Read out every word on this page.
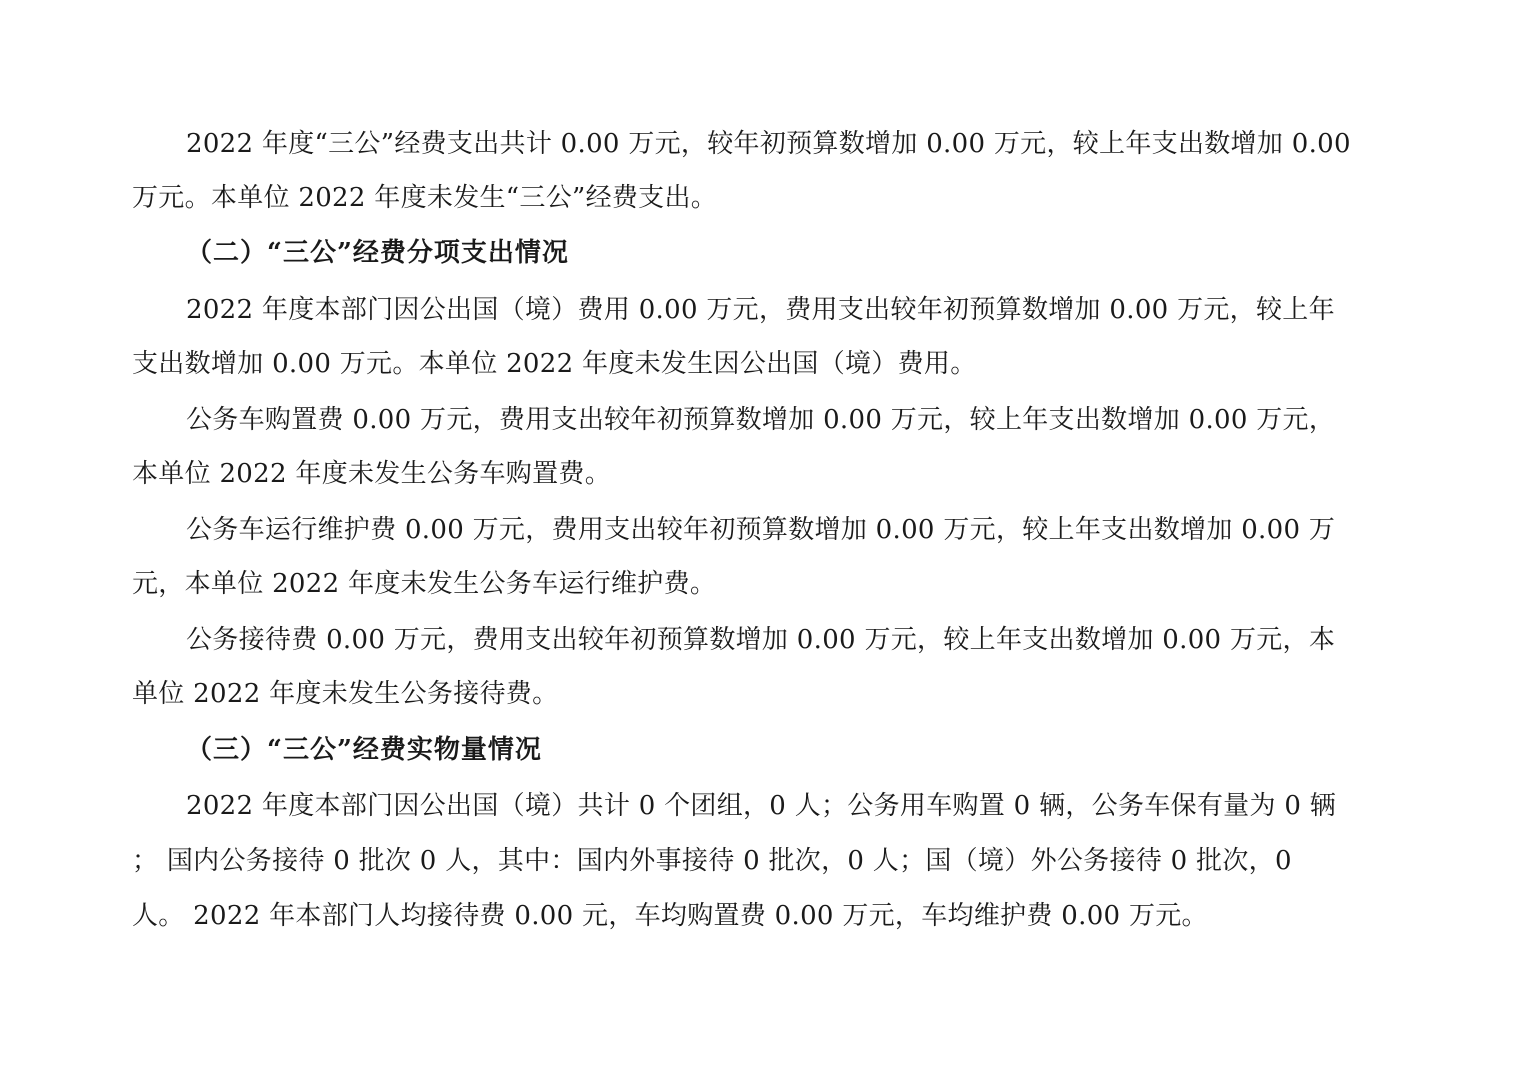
2022 年度“三公”经费支出共计 0.00 万元，较年初预算数增加 0.00 万元，较上年支出数增加 0.00
万元。本单位 2022 年度未发生“三公”经费支出。
（二）“三公”经费分项支出情况
2022 年度本部门因公出国（境）费用 0.00 万元，费用支出较年初预算数增加 0.00 万元，较上年
支出数增加 0.00 万元。本单位 2022 年度未发生因公出国（境）费用。
公务车购置费 0.00 万元，费用支出较年初预算数增加 0.00 万元，较上年支出数增加 0.00 万元，
本单位 2022 年度未发生公务车购置费。
公务车运行维护费 0.00 万元，费用支出较年初预算数增加 0.00 万元，较上年支出数增加 0.00 万
元，本单位 2022 年度未发生公务车运行维护费。
公务接待费 0.00 万元，费用支出较年初预算数增加 0.00 万元，较上年支出数增加 0.00 万元，本
单位 2022 年度未发生公务接待费。
（三）“三公”经费实物量情况
2022 年度本部门因公出国（境）共计 0 个团组，0 人；公务用车购置 0 辆，公务车保有量为 0 辆
； 国内公务接待 0 批次 0 人，其中：国内外事接待 0 批次，0 人；国（境）外公务接待 0 批次，0
人。 2022 年本部门人均接待费 0.00 元，车均购置费 0.00 万元，车均维护费 0.00 万元。
